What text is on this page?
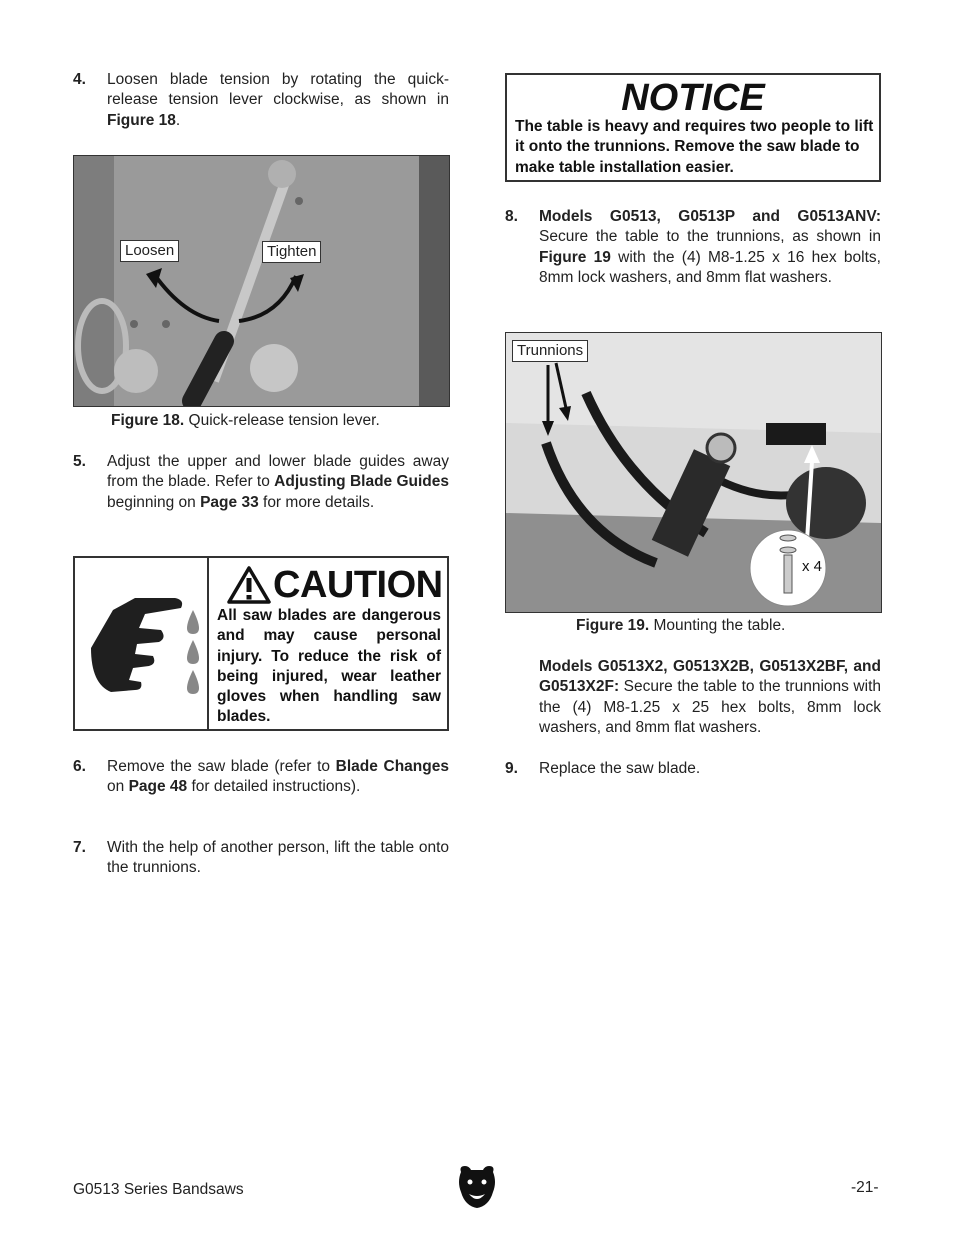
4. Loosen blade tension by rotating the quick-release tension lever clockwise, as shown in Figure 18.
Loosen	Tighten
Figure 18. Quick-release tension lever.
5. Adjust the upper and lower blade guides away from the blade. Refer to Adjusting Blade Guides beginning on Page 33 for more details.
CAUTION
All saw blades are dangerous and may cause personal injury. To reduce the risk of being injured, wear leather gloves when handling saw blades.
6. Remove the saw blade (refer to Blade Changes on Page 48 for detailed instructions).
7. With the help of another person, lift the table onto the trunnions.
NOTICE
The table is heavy and requires two people to lift it onto the trunnions. Remove the saw blade to make table installation easier.
8. Models G0513, G0513P and G0513ANV: Secure the table to the trunnions, as shown in Figure 19 with the (4) M8-1.25 x 16 hex bolts, 8mm lock washers, and 8mm flat washers.
Trunnions
x 4
Figure 19. Mounting the table.
Models G0513X2, G0513X2B, G0513X2BF, and G0513X2F: Secure the table to the trunnions with the (4) M8-1.25 x 25 hex bolts, 8mm lock washers, and 8mm flat washers.
9. Replace the saw blade.
G0513 Series Bandsaws	-21-
